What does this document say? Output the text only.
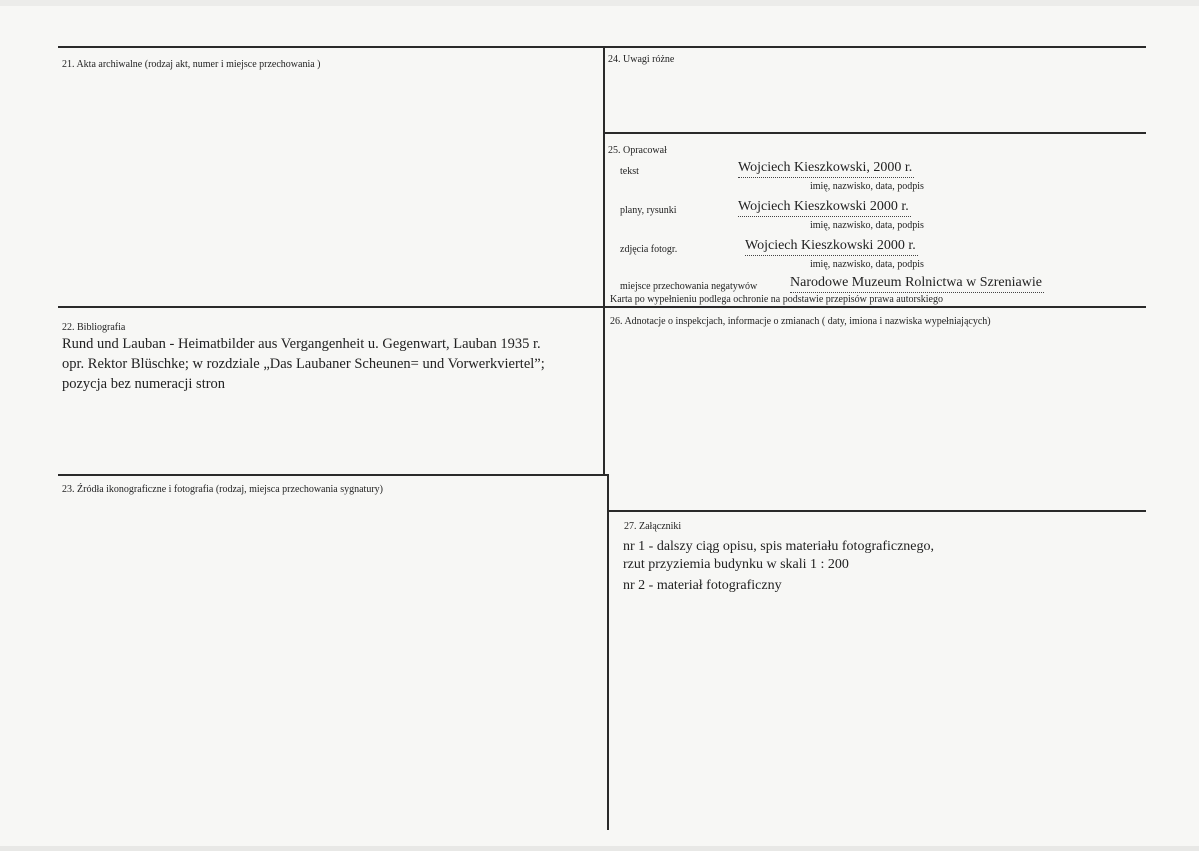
21. Akta archiwalne (rodzaj akt, numer i miejsce przechowania )	24. Uwagi różne
25. Opracował
tekst	Wojciech Kieszkowski, 2000 r.
imię, nazwisko, data, podpis
plany, rysunki	Wojciech Kieszkowski 2000 r.
imię, nazwisko, data, podpis
zdjęcia fotogr.	Wojciech Kieszkowski 2000 r.
imię, nazwisko, data, podpis
miejsce przechowania negatywów Narodowe Muzeum Rolnictwa w Szreniawie
Karta po wypełnieniu podlega ochronie na podstawie przepisów prawa autorskiego
22. Bibliografia
Rund und Lauban - Heimatbilder aus Vergangenheit u. Gegenwart, Lauban 1935 r.
opr. Rektor Blüschke; w rozdziale „Das Laubaner Scheunen= und Vorwerkviertel”;
pozycja bez numeracji stron
26. Adnotacje o inspekcjach, informacje o zmianach ( daty, imiona i nazwiska wypełniających)
23. Źródła ikonograficzne i fotografia (rodzaj, miejsca przechowania sygnatury)
27. Załączniki
nr 1 - dalszy ciąg opisu, spis materiału fotograficznego,
rzut przyziemia budynku w skali 1 : 200
nr 2 - materiał fotograficzny
